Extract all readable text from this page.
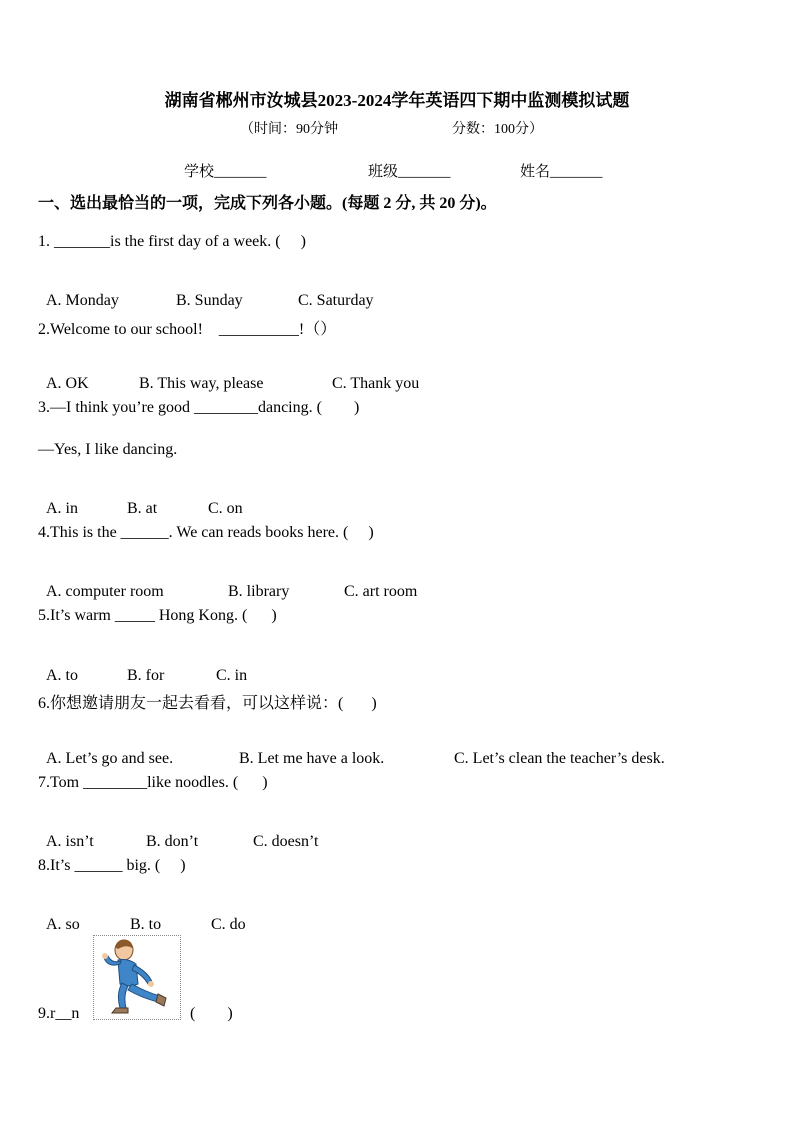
湖南省郴州市汝城县2023-2024学年英语四下期中监测模拟试题
（时间：90分钟	分数：100分）
学校_______	班级_______	姓名_______
一、选出最恰当的一项，完成下列各小题。(每题 2 分, 共 20 分)。
1. _______is the first day of a week. (     )

A. Monday	B. Sunday	C. Saturday

2.Welcome to our school!    __________!（）

A. OK	B. This way, please	C. Thank you

3.—I think you’re good ________dancing. (        )
—Yes, I like dancing.

A. in	B. at	C. on

4.This is the ______. We can reads books here. (     )

A. computer room	B. library	C. art room

5.It’s warm _____ Hong Kong. (      )

A. to	B. for	C. in

6.你想邀请朋友一起去看看，可以这样说：(       )

A. Let’s go and see.	B. Let me have a look.	C. Let’s clean the teacher’s desk.

7.Tom ________like noodles. (      )

A. isn’t	B. don’t	C. doesn’t

8.It’s ______ big. (     )

A. so	B. to	C. do

9.r__n	(        )
